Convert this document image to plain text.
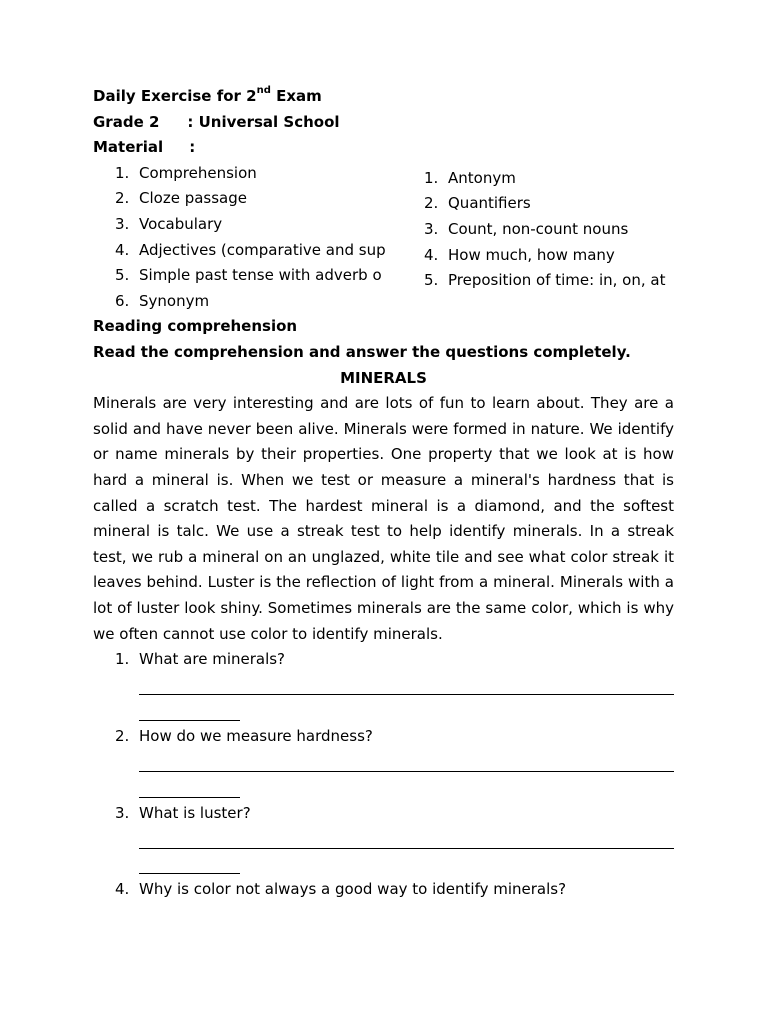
Daily Exercise for 2nd Exam
Grade 2 : Universal School
Material :
1. Comprehension
2. Cloze passage
3. Vocabulary
4. Adjectives (comparative and sup
5. Simple past tense with adverb o
6. Synonym
1. Antonym
2. Quantifiers
3. Count, non-count nouns
4. How much, how many
5. Preposition of time: in, on, at
Reading comprehension
Read the comprehension and answer the questions completely.
MINERALS
Minerals are very interesting and are lots of fun to learn about. They are a solid and have never been alive. Minerals were formed in nature. We identify or name minerals by their properties. One property that we look at is how hard a mineral is. When we test or measure a mineral's hardness that is called a scratch test. The hardest mineral is a diamond, and the softest mineral is talc. We use a streak test to help identify minerals. In a streak test, we rub a mineral on an unglazed, white tile and see what color streak it leaves behind. Luster is the reflection of light from a mineral. Minerals with a lot of luster look shiny. Sometimes minerals are the same color, which is why we often cannot use color to identify minerals.
1. What are minerals?
2. How do we measure hardness?
3. What is luster?
4. Why is color not always a good way to identify minerals?
